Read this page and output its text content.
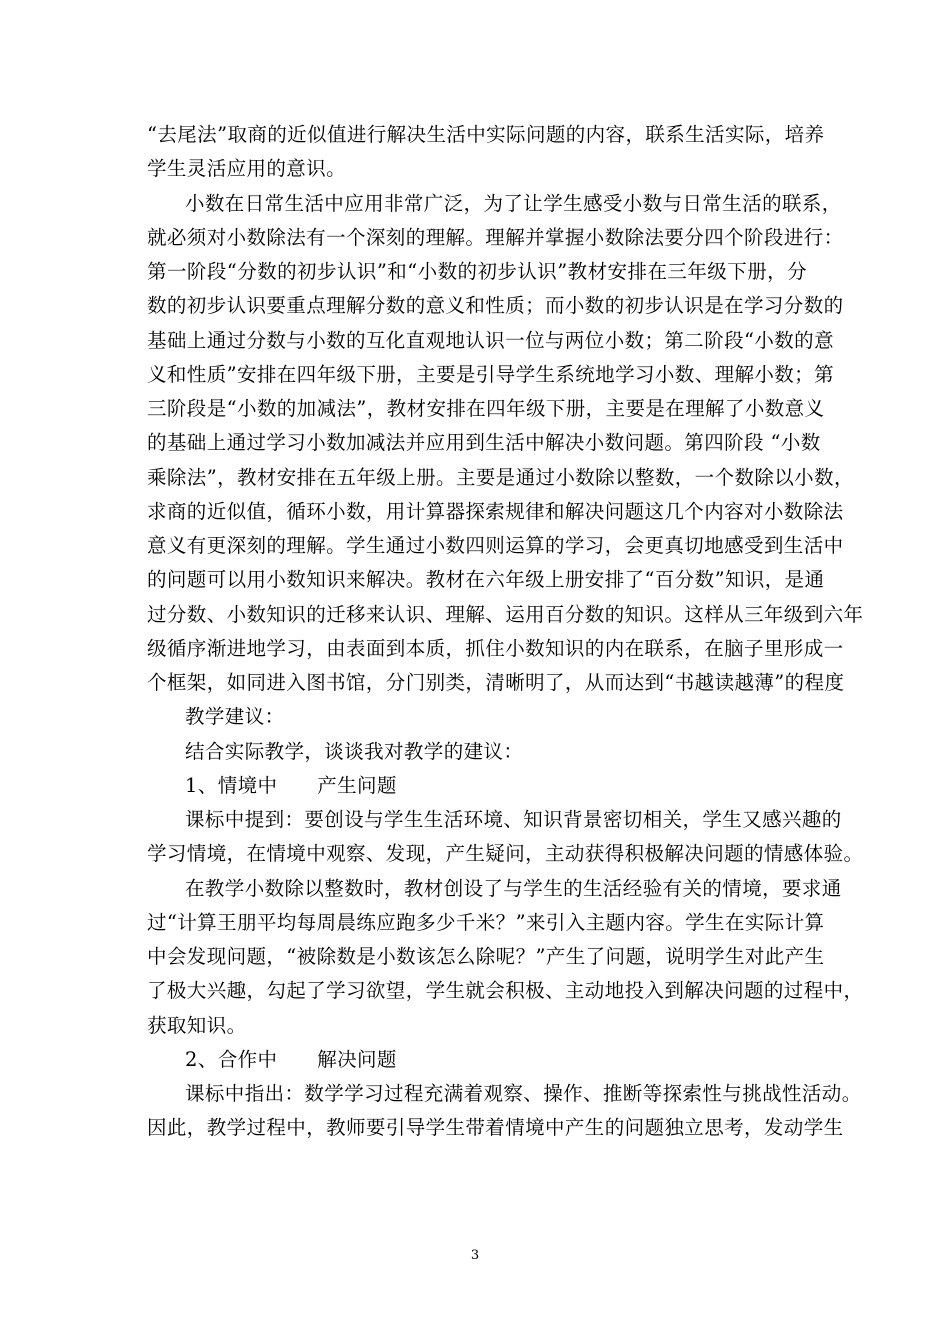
“去尾法”取商的近似值进行解决生活中实际问题的内容，联系生活实际，培养
学生灵活应用的意识。
小数在日常生活中应用非常广泛，为了让学生感受小数与日常生活的联系，
就必须对小数除法有一个深刻的理解。理解并掌握小数除法要分四个阶段进行：
第一阶段“分数的初步认识”和“小数的初步认识”教材安排在三年级下册，分
数的初步认识要重点理解分数的意义和性质；而小数的初步认识是在学习分数的
基础上通过分数与小数的互化直观地认识一位与两位小数；第二阶段“小数的意
义和性质”安排在四年级下册，主要是引导学生系统地学习小数、理解小数；第
三阶段是“小数的加减法”，教材安排在四年级下册，主要是在理解了小数意义
的基础上通过学习小数加减法并应用到生活中解决小数问题。第四阶段 “小数
乘除法”，教材安排在五年级上册。主要是通过小数除以整数，一个数除以小数，
求商的近似值，循环小数，用计算器探索规律和解决问题这几个内容对小数除法
意义有更深刻的理解。学生通过小数四则运算的学习，会更真切地感受到生活中
的问题可以用小数知识来解决。教材在六年级上册安排了“百分数”知识，是通
过分数、小数知识的迁移来认识、理解、运用百分数的知识。这样从三年级到六年
级循序渐进地学习，由表面到本质，抓住小数知识的内在联系，在脑子里形成一
个框架，如同进入图书馆，分门别类，清晰明了，从而达到“书越读越薄”的程度
教学建议：
结合实际教学，谈谈我对教学的建议：
1、情境中　　产生问题
课标中提到：要创设与学生生活环境、知识背景密切相关，学生又感兴趣的
学习情境，在情境中观察、发现，产生疑问，主动获得积极解决问题的情感体验。
在教学小数除以整数时，教材创设了与学生的生活经验有关的情境，要求通
过“计算王朋平均每周晨练应跑多少千米？”来引入主题内容。学生在实际计算
中会发现问题，“被除数是小数该怎么除呢？”产生了问题，说明学生对此产生
了极大兴趣，勾起了学习欲望，学生就会积极、主动地投入到解决问题的过程中，
获取知识。
2、合作中　　解决问题
课标中指出：数学学习过程充满着观察、操作、推断等探索性与挑战性活动。
因此，教学过程中，教师要引导学生带着情境中产生的问题独立思考，发动学生
3
